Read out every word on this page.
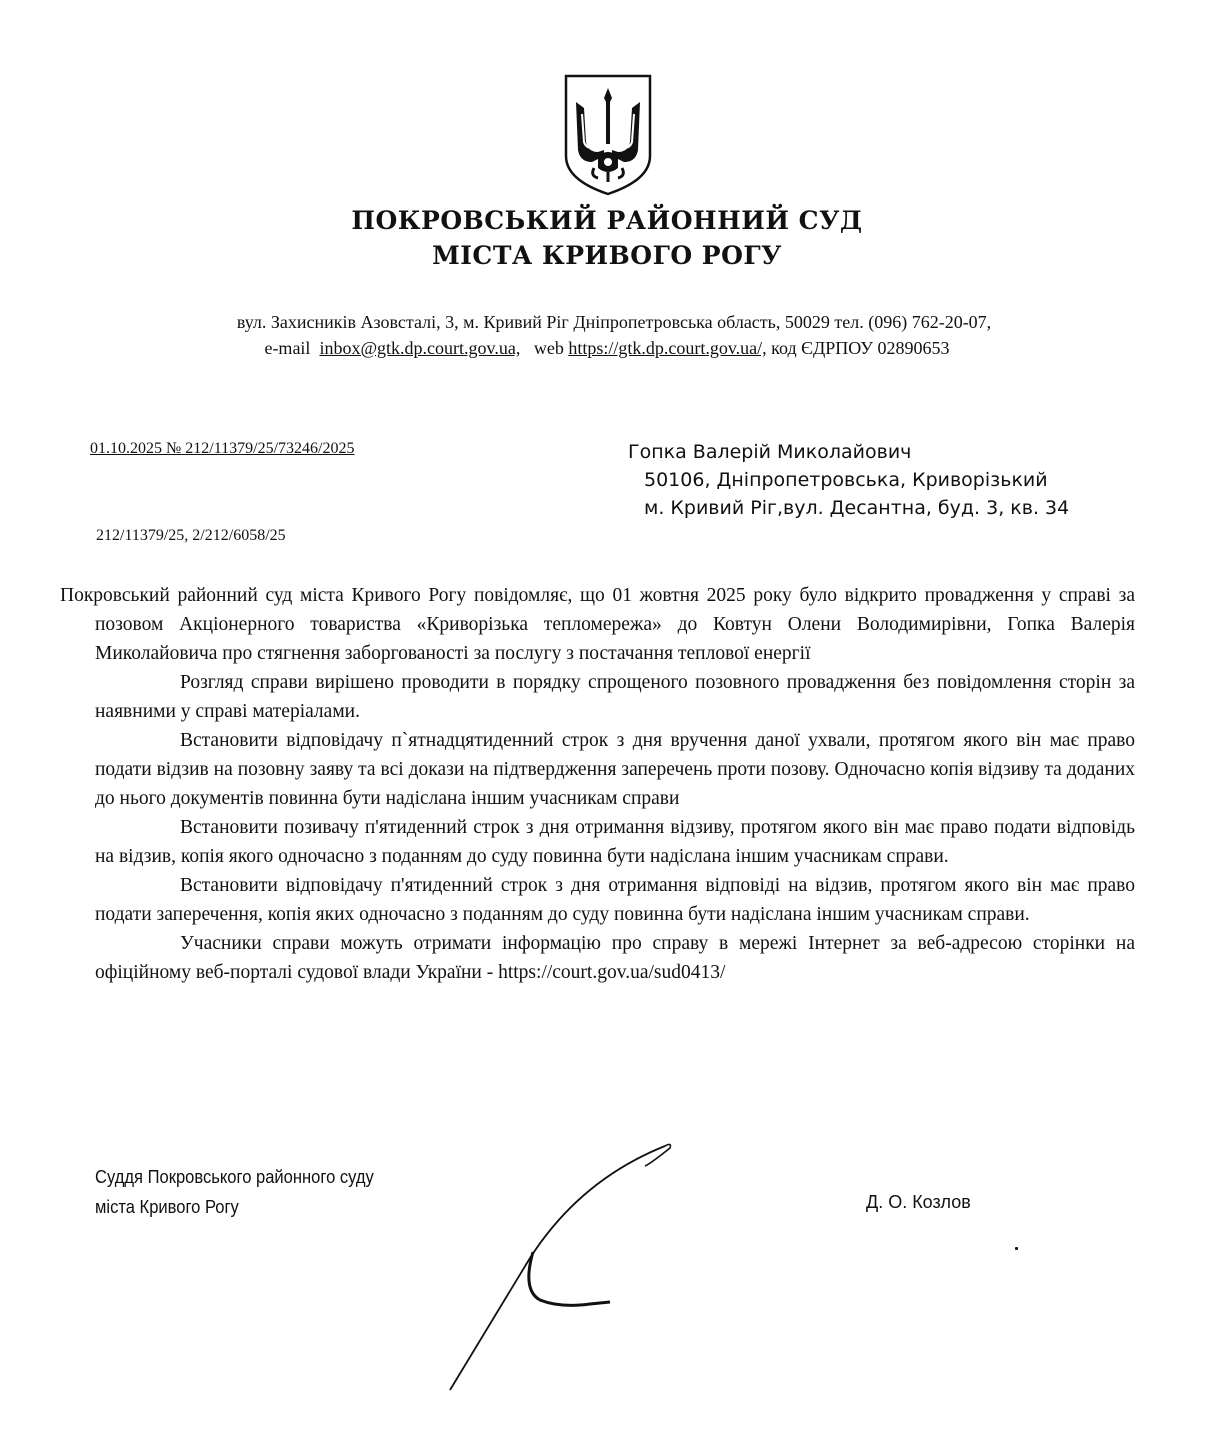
ПОКРОВСЬКИЙ РАЙОННИЙ СУД
МІСТА КРИВОГО РОГУ
вул. Захисників Азовсталі, 3, м. Кривий Ріг Дніпропетровська область, 50029 тел. (096) 762-20-07,
e-mail inbox@gtk.dp.court.gov.ua, web https://gtk.dp.court.gov.ua/, код ЄДРПОУ 02890653
01.10.2025 № 212/11379/25/73246/2025
212/11379/25, 2/212/6058/25
Гопка Валерій Миколайович
50106, Дніпропетровська, Криворізький
м. Кривий Ріг,вул. Десантна, буд. 3, кв. 34

Покровський районний суд міста Кривого Рогу повідомляє, що 01 жовтня 2025 року було відкрито провадження у справі за позовом Акціонерного товариства «Криворізька тепломережа» до Ковтун Олени Володимирівни, Гопка Валерія Миколайовича про стягнення заборгованості за послугу з постачання теплової енергії

Розгляд справи вирішено проводити в порядку спрощеного позовного провадження без повідомлення сторін за наявними у справі матеріалами.

Встановити відповідачу п`ятнадцятиденний строк з дня вручення даної ухвали, протягом якого він має право подати відзив на позовну заяву та всі докази на підтвердження заперечень проти позову. Одночасно копія відзиву та доданих до нього документів повинна бути надіслана іншим учасникам справи

Встановити позивачу п'ятиденний строк з дня отримання відзиву, протягом якого він має право подати відповідь на відзив, копія якого одночасно з поданням до суду повинна бути надіслана іншим учасникам справи.

Встановити відповідачу п'ятиденний строк з дня отримання відповіді на відзив, протягом якого він має право подати заперечення, копія яких одночасно з поданням до суду повинна бути надіслана іншим учасникам справи.

Учасники справи можуть отримати інформацію про справу в мережі Інтернет за веб-адресою сторінки на офіційному веб-порталі судової влади України - https://court.gov.ua/sud0413/

Суддя Покровського районного суду
міста Кривого Рогу	Д. О. Козлов
